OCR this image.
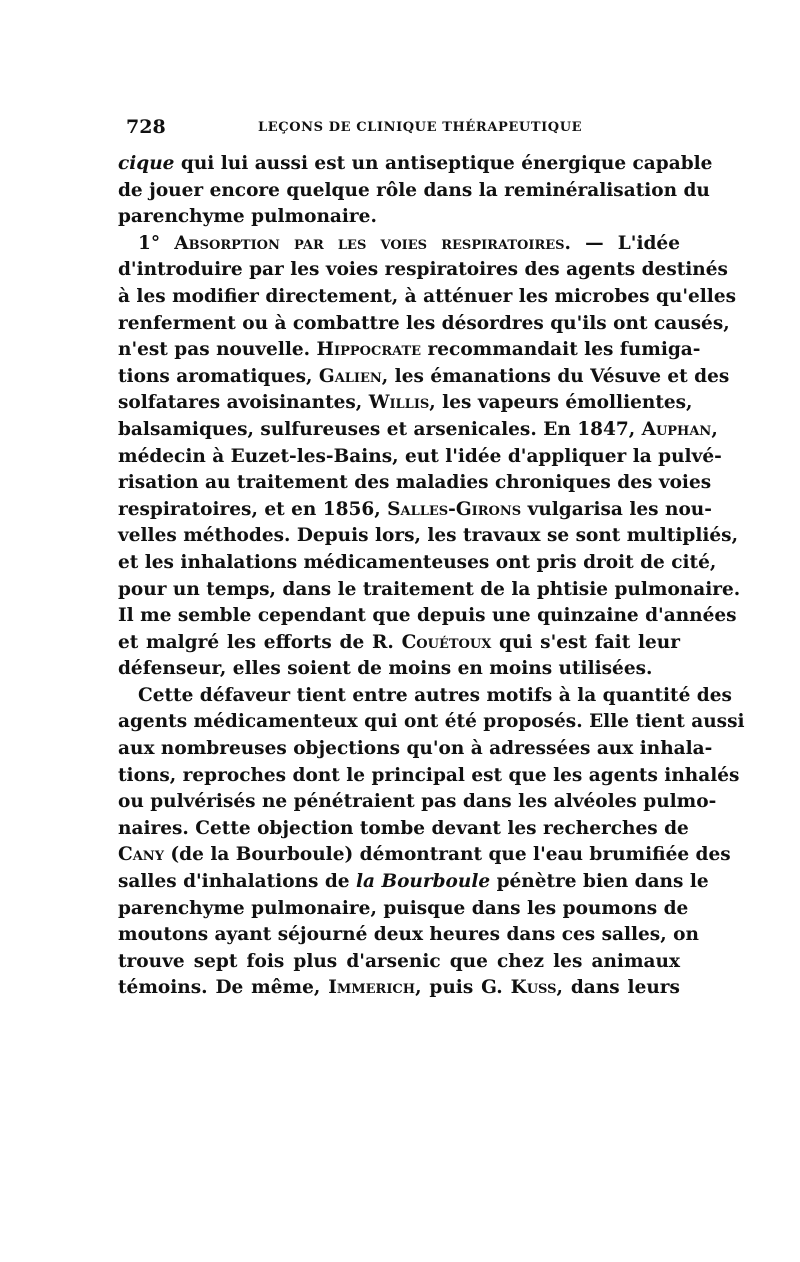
728	LEÇONS DE CLINIQUE THÉRAPEUTIQUE
cique qui lui aussi est un antiseptique énergique capable
de jouer encore quelque rôle dans la reminéralisation du
parenchyme pulmonaire.
1° Absorption par les voies respiratoires. — L'idée
d'introduire par les voies respiratoires des agents destinés
à les modifier directement, à atténuer les microbes qu'elles
renferment ou à combattre les désordres qu'ils ont causés,
n'est pas nouvelle. Hippocrate recommandait les fumiga-
tions aromatiques, Galien, les émanations du Vésuve et des
solfatares avoisinantes, Willis, les vapeurs émollientes,
balsamiques, sulfureuses et arsenicales. En 1847, Auphan,
médecin à Euzet-les-Bains, eut l'idée d'appliquer la pulvé-
risation au traitement des maladies chroniques des voies
respiratoires, et en 1856, Salles-Girons vulgarisa les nou-
velles méthodes. Depuis lors, les travaux se sont multipliés,
et les inhalations médicamenteuses ont pris droit de cité,
pour un temps, dans le traitement de la phtisie pulmonaire.
Il me semble cependant que depuis une quinzaine d'années
et malgré les efforts de R. Couétoux qui s'est fait leur
défenseur, elles soient de moins en moins utilisées.
Cette défaveur tient entre autres motifs à la quantité des
agents médicamenteux qui ont été proposés. Elle tient aussi
aux nombreuses objections qu'on à adressées aux inhala-
tions, reproches dont le principal est que les agents inhalés
ou pulvérisés ne pénétraient pas dans les alvéoles pulmo-
naires. Cette objection tombe devant les recherches de
Cany (de la Bourboule) démontrant que l'eau brumifiée des
salles d'inhalations de la Bourboule pénètre bien dans le
parenchyme pulmonaire, puisque dans les poumons de
moutons ayant séjourné deux heures dans ces salles, on
trouve sept fois plus d'arsenic que chez les animaux
témoins. De même, Immerich, puis G. Kuss, dans leurs
